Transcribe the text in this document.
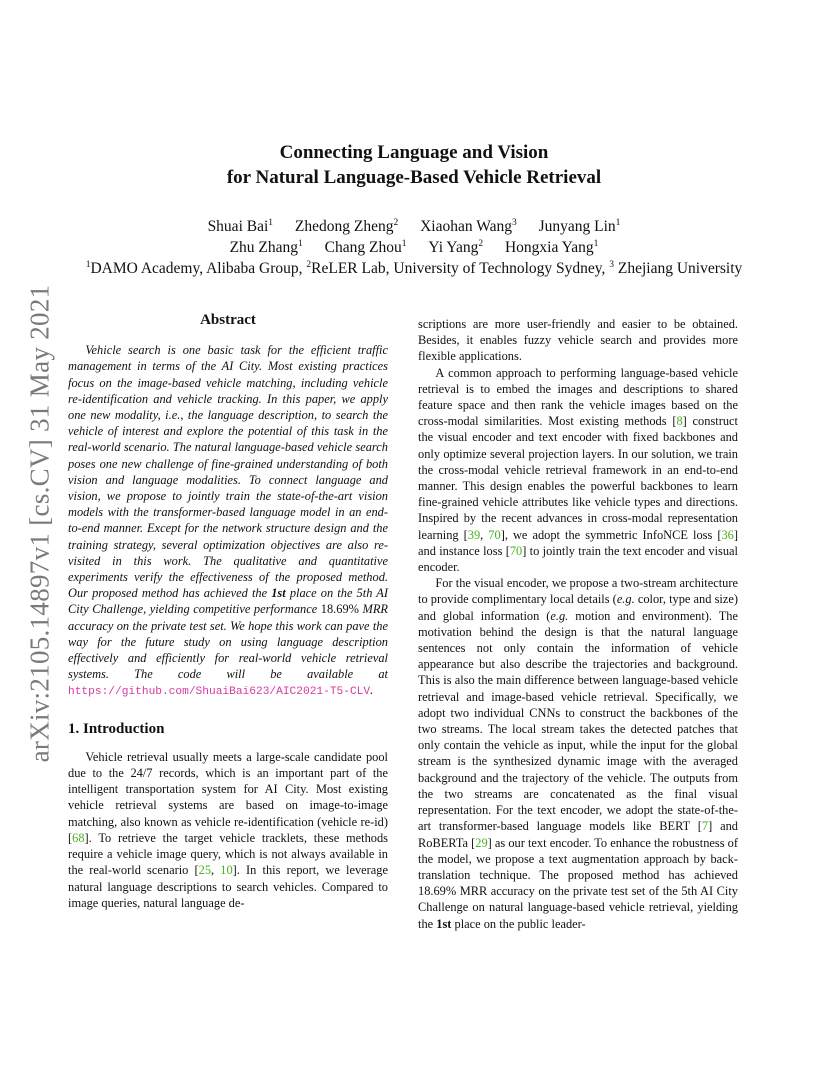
arXiv:2105.14897v1 [cs.CV] 31 May 2021
Connecting Language and Vision
for Natural Language-Based Vehicle Retrieval
Shuai Bai$^1$ Zhedong Zheng$^2$ Xiaohan Wang$^3$ Junyang Lin$^1$
Zhu Zhang$^1$ Chang Zhou$^1$ Yi Yang$^2$ Hongxia Yang$^1$
$^1$DAMO Academy, Alibaba Group, $^2$ReLER Lab, University of Technology Sydney, $^3$ Zhejiang University
Abstract

Vehicle search is one basic task for the efficient traffic management in terms of the AI City. Most existing practices focus on the image-based vehicle matching, including vehicle re-identification and vehicle tracking. In this paper, we apply one new modality, i.e., the language description, to search the vehicle of interest and explore the potential of this task in the real-world scenario. The natural language-based vehicle search poses one new challenge of fine-grained understanding of both vision and language modalities. To connect language and vision, we propose to jointly train the state-of-the-art vision models with the transformer-based language model in an end-to-end manner. Except for the network structure design and the training strategy, several optimization objectives are also re-visited in this work. The qualitative and quantitative experiments verify the effectiveness of the proposed method. Our proposed method has achieved the 1st place on the 5th AI City Challenge, yielding competitive performance 18.69% MRR accuracy on the private test set. We hope this work can pave the way for the future study on using language description effectively and efficiently for real-world vehicle retrieval systems. The code will be available at https://github.com/ShuaiBai623/AIC2021-T5-CLV.

1. Introduction

Vehicle retrieval usually meets a large-scale candidate pool due to the 24/7 records, which is an important part of the intelligent transportation system for AI City. Most existing vehicle retrieval systems are based on image-to-image matching, also known as vehicle re-identification (vehicle re-id) [68]. To retrieve the target vehicle tracklets, these methods require a vehicle image query, which is not always available in the real-world scenario [25, 10]. In this report, we leverage natural language descriptions to search vehicles. Compared to image queries, natural language de-

scriptions are more user-friendly and easier to be obtained. Besides, it enables fuzzy vehicle search and provides more flexible applications.

A common approach to performing language-based vehicle retrieval is to embed the images and descriptions to shared feature space and then rank the vehicle images based on the cross-modal similarities. Most existing methods [8] construct the visual encoder and text encoder with fixed backbones and only optimize several projection layers. In our solution, we train the cross-modal vehicle retrieval framework in an end-to-end manner. This design enables the powerful backbones to learn fine-grained vehicle attributes like vehicle types and directions. Inspired by the recent advances in cross-modal representation learning [39, 70], we adopt the symmetric InfoNCE loss [36] and instance loss [70] to jointly train the text encoder and visual encoder.

For the visual encoder, we propose a two-stream architecture to provide complimentary local details (e.g. color, type and size) and global information (e.g. motion and environment). The motivation behind the design is that the natural language sentences not only contain the information of vehicle appearance but also describe the trajectories and background. This is also the main difference between language-based vehicle retrieval and image-based vehicle retrieval. Specifically, we adopt two individual CNNs to construct the backbones of the two streams. The local stream takes the detected patches that only contain the vehicle as input, while the input for the global stream is the synthesized dynamic image with the averaged background and the trajectory of the vehicle. The outputs from the two streams are concatenated as the final visual representation. For the text encoder, we adopt the state-of-the-art transformer-based language models like BERT [7] and RoBERTa [29] as our text encoder. To enhance the robustness of the model, we propose a text augmentation approach by back-translation technique. The proposed method has achieved 18.69% MRR accuracy on the private test set of the 5th AI City Challenge on natural language-based vehicle retrieval, yielding the 1st place on the public leader-
